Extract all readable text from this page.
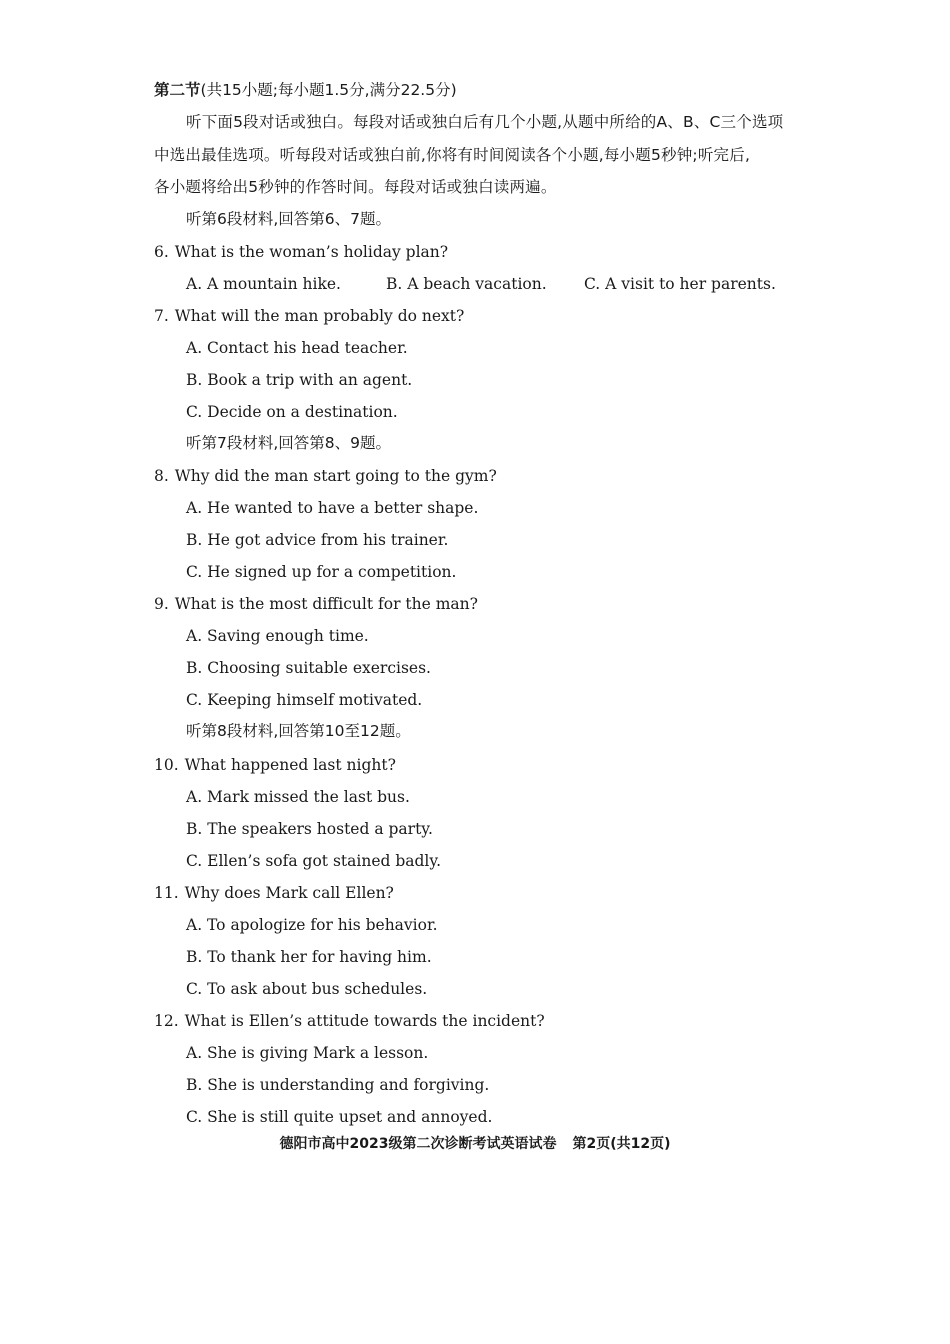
第二节(共15小题;每小题1.5分,满分22.5分)
听下面5段对话或独白。每段对话或独白后有几个小题,从题中所给的A、B、C三个选项
中选出最佳选项。听每段对话或独白前,你将有时间阅读各个小题,每小题5秒钟;听完后,
各小题将给出5秒钟的作答时间。每段对话或独白读两遍。
听第6段材料,回答第6、7题。
6. What is the woman’s holiday plan?
A. A mountain hike.	B. A beach vacation. C. A visit to her parents.
7. What will the man probably do next?
A. Contact his head teacher.
B. Book a trip with an agent.
C. Decide on a destination.
听第7段材料,回答第8、9题。
8. Why did the man start going to the gym?
A. He wanted to have a better shape.
B. He got advice from his trainer.
C. He signed up for a competition.
9. What is the most difficult for the man?
A. Saving enough time.
B. Choosing suitable exercises.
C. Keeping himself motivated.
听第8段材料,回答第10至12题。
10. What happened last night?
A. Mark missed the last bus.
B. The speakers hosted a party.
C. Ellen’s sofa got stained badly.
11. Why does Mark call Ellen?
A. To apologize for his behavior.
B. To thank her for having him.
C. To ask about bus schedules.
12. What is Ellen’s attitude towards the incident?
A. She is giving Mark a lesson.
B. She is understanding and forgiving.
C. She is still quite upset and annoyed.
德阳市高中2023级第二次诊断考试英语试卷 第2页(共12页)
